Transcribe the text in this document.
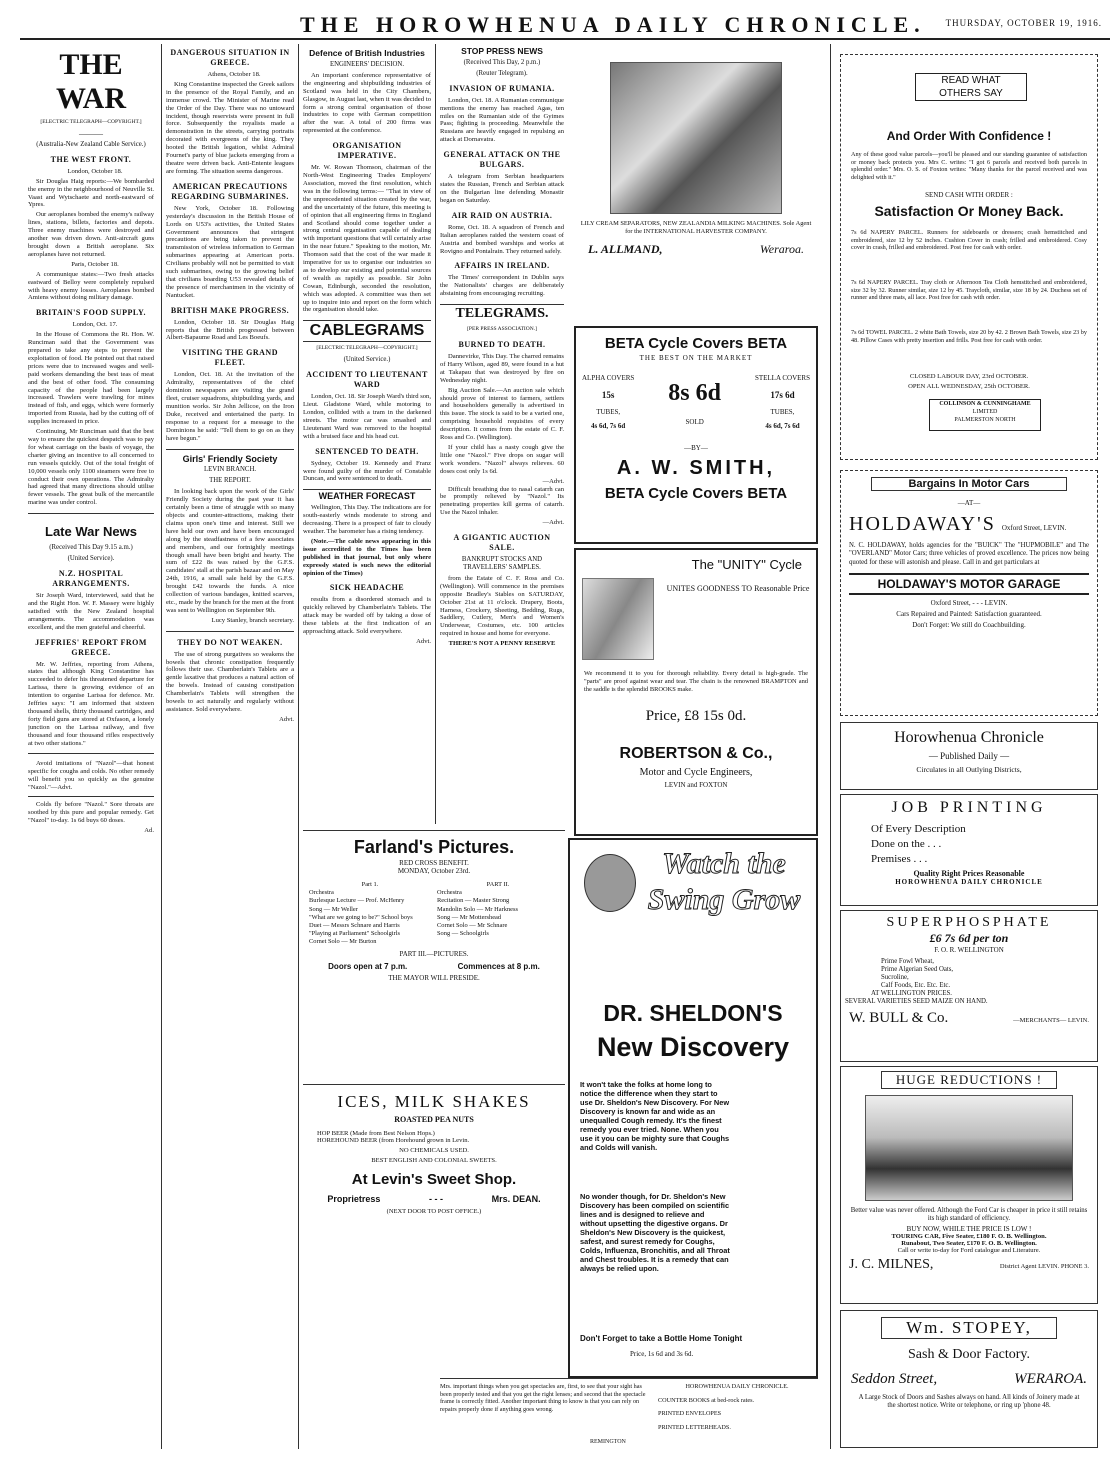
THE HOROWHENUA DAILY CHRONICLE. THURSDAY, OCTOBER 19, 1916.
THE WAR
[ELECTRIC TELEGRAPH—COPYRIGHT.]
———
(Australia-New Zealand Cable Service.)
THE WEST FRONT.

London, October 18.

Sir Douglas Haig reports:—We bombarded the enemy in the neighbourhood of Neuville St. Vaast and Wytschaete and north-eastward of Ypres.

Our aeroplanes bombed the enemy's railway lines, stations, billets, factories and depots. Three enemy machines were destroyed and another was driven down. Anti-aircraft guns brought down a British aeroplane. Six aeroplanes have not returned.

Paris, October 18.

A communique states:—Two fresh attacks eastward of Belloy were completely repulsed with heavy enemy losses. Aeroplanes bombed Amiens without doing military damage.

BRITAIN'S FOOD SUPPLY.

London, Oct. 17.

In the House of Commons the Rt. Hon. W. Runciman said that the Government was prepared to take any steps to prevent the exploitation of food. He pointed out that raised prices were due to increased wages and well-paid workers demanding the best teas of meat and the best of other food. The consuming capacity of the people had been largely increased. Trawlers were trawling for mines instead of fish, and eggs, which were formerly imported from Russia, had by the cutting off of supplies increased in price.

Continuing, Mr Runciman said that the best way to ensure the quickest despatch was to pay for wheat carriage on the basis of voyage, the charter giving an incentive to all concerned to run vessels quickly. Out of the total freight of 10,000 vessels only 1100 steamers were free to conduct their own operations. The Admiralty had agreed that many directions should utilise fewer vessels. The great bulk of the mercantile marine was under control.

Late War News
(Received This Day 9.15 a.m.)
(United Service).
N.Z. HOSPITAL ARRANGEMENTS.

Sir Joseph Ward, interviewed, said that he and the Right Hon. W. F. Massey were highly satisfied with the New Zealand hospital arrangements. The accommodation was excellent, and the men grateful and cheerful.

JEFFRIES' REPORT FROM GREECE.

Mr. W. Jeffries, reporting from Athens, states that although King Constantine has succeeded to defer his threatened departure for Larissa, there is growing evidence of an intention to organise Larissa for defence. Mr. Jeffries says: "I am informed that sixteen thousand shells, thirty thousand cartridges, and forty field guns are stored at Oxfason, a lonely junction on the Larissa railway, and five thousand and four thousand rifles respectively at two other stations."

Avoid imitations of "Nazol"—that honest specific for coughs and colds. No other remedy will benefit you so quickly as the genuine "Nazol."—Advt.

Colds fly before "Nazol." Sore throats are soothed by this pure and popular remedy. Get "Nazol" to-day. 1s 6d buys 60 doses.

Ad.
DANGEROUS SITUATION IN GREECE.

Athens, October 18.

King Constantine inspected the Greek sailors in the presence of the Royal Family, and an immense crowd. The Minister of Marine read the Order of the Day. There was no untoward incident, though reservists were present in full force. Subsequently the royalists made a demonstration in the streets, carrying portraits decorated with evergreens of the king. They hooted the British legation, whilst Admiral Fournet's party of blue jackets emerging from a theatre were driven back. Anti-Entente leagues are forming. The situation seems dangerous.

AMERICAN PRECAUTIONS REGARDING SUBMARINES.

New York, October 18. Following yesterday's discussion in the British House of Lords on U53's activities, the United States Government announces that stringent precautions are being taken to prevent the transmission of wireless information to German submarines appearing at American ports. Civilians probably will not be permitted to visit such submarines, owing to the growing belief that civilians boarding U53 revealed details of the presence of merchantmen in the vicinity of Nantucket.

BRITISH MAKE PROGRESS.

London, October 18. Sir Douglas Haig reports that the British progressed between Albert-Bapaume Road and Les Boeufs.

VISITING THE GRAND FLEET.

London, Oct. 18. At the invitation of the Admiralty, representatives of the chief dominion newspapers are visiting the grand fleet, cruiser squadrons, shipbuilding yards, and munition works. Sir John Jellicoe, on the Iron Duke, received and entertained the party. In response to a request for a message to the Dominions he said: "Tell them to go on as they have begun."

Girls' Friendly Society
LEVIN BRANCH.
THE REPORT.

In looking back upon the work of the Girls' Friendly Society during the past year it has certainly been a time of struggle with so many objects and counter-attractions, making their claims upon one's time and interest. Still we have held our own and have been encouraged along by the steadfastness of a few associates and members, and our fortnightly meetings though small have been bright and hearty. The sum of £22 8s was raised by the G.F.S. candidates' stall at the parish bazaar and on May 24th, 1916, a small sale held by the G.F.S. brought £42 towards the funds. A nice collection of various bandages, knitted scarves, etc., made by the branch for the men at the front was sent to Wellington on September 9th.

Lucy Stanley, branch secretary.

THEY DO NOT WEAKEN.

The use of strong purgatives so weakens the bowels that chronic constipation frequently follows their use. Chamberlain's Tablets are a gentle laxative that produces a natural action of the bowels. Instead of causing constipation Chamberlain's Tablets will strengthen the bowels to act naturally and regularly without assistance. Sold everywhere.

Advt.
Defence of British Industries
ENGINEERS' DECISION.

An important conference representative of the engineering and shipbuilding industries of Scotland was held in the City Chambers, Glasgow, in August last, when it was decided to form a strong central organisation of those industries to cope with German competition after the war. A total of 200 firms was represented at the conference.

ORGANISATION IMPERATIVE.

Mr. W. Rowan Thomson, chairman of the North-West Engineering Trades Employers' Association, moved the first resolution, which was in the following terms:— "That in view of the unprecedented situation created by the war, and the uncertainty of the future, this meeting is of opinion that all engineering firms in England and Scotland should come together under a strong central organisation capable of dealing with important questions that will certainly arise in the near future." Speaking to the motion, Mr. Thomson said that the cost of the war made it imperative for us to organise our industries so as to develop our existing and potential sources of wealth as rapidly as possible. Sir John Cowan, Edinburgh, seconded the resolution, which was adopted. A committee was then set up to inquire into and report on the form which the organisation should take.

CABLEGRAMS
[ELECTRIC TELEGRAPH—COPYRIGHT.]
(United Service.)
ACCIDENT TO LIEUTENANT WARD

London, Oct. 18. Sir Joseph Ward's third son, Lieut. Gladstone Ward, while motoring to London, collided with a tram in the darkened streets. The motor car was smashed and Lieutenant Ward was removed to the hospital with a bruised face and his head cut.

SENTENCED TO DEATH.

Sydney, October 19. Kennedy and Franz were found guilty of the murder of Constable Duncan, and were sentenced to death.

WEATHER FORECAST

Wellington, This Day. The indications are for south-easterly winds moderate to strong and decreasing. There is a prospect of fair to cloudy weather. The barometer has a rising tendency.

(Note.—The cable news appearing in this issue accredited to the Times has been published in that journal, but only where expressly stated is such news the editorial opinion of the Times)

SICK HEADACHE

results from a disordered stomach and is quickly relieved by Chamberlain's Tablets. The attack may be warded off by taking a dose of these tablets at the first indication of an approaching attack. Sold everywhere.

Advt.
STOP PRESS NEWS
(Received This Day, 2 p.m.)
(Reuter Telegram).
INVASION OF RUMANIA.

London, Oct. 18. A Rumanian communique mentions the enemy has reached Agas, ten miles on the Rumanian side of the Gyimes Pass; fighting is proceeding. Meanwhile the Russians are heavily engaged in repulsing an attack at Dornavatra.

GENERAL ATTACK ON THE BULGARS.

A telegram from Serbian headquarters states the Russian, French and Serbian attack on the Bulgarian line defending Monastir began on Saturday.

AIR RAID ON AUSTRIA.

Rome, Oct. 18. A squadron of French and Italian aeroplanes raided the western coast of Austria and bombed warships and works at Rovigno and Pontalrain. They returned safely.

AFFAIRS IN IRELAND.

The Times' correspondent in Dublin says the Nationalists' charges are deliberately abstaining from encouraging recruiting.

TELEGRAMS.
[PER PRESS ASSOCIATION.]
BURNED TO DEATH.

Dannevirke, This Day. The charred remains of Harry Wilson, aged 89, were found in a hut at Takapau that was destroyed by fire on Wednesday night.

Big Auction Sale.—An auction sale which should prove of interest to farmers, settlers and householders generally is advertised in this issue. The stock is said to be a varied one, comprising household requisites of every description. It comes from the estate of C. F. Ross and Co. (Wellington).

If your child has a nasty cough give the little one "Nazol." Five drops on sugar will work wonders. "Nazol" always relieves. 60 doses cost only 1s 6d.

—Advt.

Difficult breathing due to nasal catarrh can be promptly relieved by "Nazol." Its penetrating properties kill germs of catarrh. Use the Nazol inhaler.

—Advt.
A GIGANTIC AUCTION SALE.
BANKRUPT STOCKS AND TRAVELLERS' SAMPLES.

from the Estate of C. F. Ross and Co. (Wellington). Will commence in the premises opposite Bradley's Stables on SATURDAY, October 21st at 11 o'clock. Drapery, Boots, Harness, Crockery, Sheeting, Bedding, Rugs, Saddlery, Cutlery, Men's and Women's Underwear, Costumes, etc. 100 articles required in house and home for everyone.

THERE'S NOT A PENNY RESERVE
Farland's Pictures.
RED CROSS BENEFIT.
MONDAY, October 23rd.
Part 1.
Orchestra
Burlesque Lecture — Prof. McHenry
Song — Mr Weller
"What are we going to be?" School boys
Duet — Messrs Schnare and Harris
"Playing at Parliament" Schoolgirls
Cornet Solo — Mr Burton
PART II.
Orchestra
Recitation — Master Strong
Mandolin Solo — Mr Harkness
Song — Mr Mottershead
Cornet Solo — Mr Schnare
Song — Schoolgirls
PART III.—PICTURES.
Doors open at 7 p.m.	Commences at 8 p.m.
THE MAYOR WILL PRESIDE.
ICES, MILK SHAKES
ROASTED PEA NUTS
HOP BEER (Made from Best Nelson Hops.)
HOREHOUND BEER (from Horehound grown in Levin.
NO CHEMICALS USED.
BEST ENGLISH AND COLONIAL SWEETS.
At Levin's Sweet Shop.
Proprietress	- - -	Mrs. DEAN.
(NEXT DOOR TO POST OFFICE.)
LILY CREAM SEPARATORS, NEW ZEALANDIA MILKING MACHINES. Sole Agent for the INTERNATIONAL HARVESTER COMPANY.
L. ALLMAND,	Weraroa.
BETA Cycle Covers BETA
THE BEST ON THE MARKET
ALPHA COVERS
15s
TUBES,
4s 6d, 7s 6d
8s 6d
SOLD
STELLA COVERS
17s 6d
TUBES,
4s 6d, 7s 6d
—BY—
A. W. SMITH,
BETA Cycle Covers BETA
The "UNITY" Cycle
UNITES GOODNESS TO Reasonable Price
We recommend it to you for thorough reliability. Every detail is high-grade. The "parts" are proof against wear and tear. The chain is the renowned BRAMPTON and the saddle is the splendid BROOKS make.
Price, £8 15s 0d.
ROBERTSON & Co.,
Motor and Cycle Engineers,
LEVIN and FOXTON
Watch the Swing Grow
DR. SHELDON'S
New Discovery
It won't take the folks at home long to notice the difference when they start to use Dr. Sheldon's New Discovery. For New Discovery is known far and wide as an unequalled Cough remedy. It's the finest remedy you ever tried. None. When you use it you can be mighty sure that Coughs and Colds will vanish.
No wonder though, for Dr. Sheldon's New Discovery has been compiled on scientific lines and is designed to relieve and without upsetting the digestive organs. Dr Sheldon's New Discovery is the quickest, safest, and surest remedy for Coughs, Colds, Influenza, Bronchitis, and all Throat and Chest troubles. It is a remedy that can always be relied upon.
Don't Forget to take a Bottle Home Tonight
Price, 1s 6d and 3s 6d.
Mrs. important things when you get spectacles are, first, to see that your sight has been properly tested and that you get the right lenses; and second that the spectacle frame is correctly fitted. Another important thing to know is that you can rely on repairs properly done if anything goes wrong.
REMINGTON
HOROWHENUA DAILY CHRONICLE.
COUNTER BOOKS at bed-rock rates.
PRINTED ENVELOPES
PRINTED LETTERHEADS.
READ WHAT
OTHERS SAY
And Order With Confidence !
Any of these good value parcels—you'll be pleased and our standing guarantee of satisfaction or money back protects you. Mrs C. writes: "I got 6 parcels and received both parcels in splendid order." Mrs. O. S. of Foxton writes: "Many thanks for the parcel received and was delighted with it."
SEND CASH WITH ORDER :
Satisfaction Or Money Back.
7s 6d NAPERY PARCEL. Runners for sideboards or dressers; crash hemstitched and embroidered, size 12 by 52 inches. Cushion Cover in crash; frilled and embroidered. Cosy cover in crash, frilled and embroidered. Post free for cash with order.
7s 6d NAPERY PARCEL. Tray cloth or Afternoon Tea Cloth hemstitched and embroidered, size 32 by 32. Runner similar, size 12 by 45. Traycloth, similar, size 18 by 24. Duchess set of runner and three mats, all lace. Post free for cash with order.
7s 6d TOWEL PARCEL. 2 white Bath Towels, size 20 by 42. 2 Brown Bath Towels, size 23 by 48. Pillow Cases with pretty insertion and frills. Post free for cash with order.
CLOSED LABOUR DAY, 23rd OCTOBER.
OPEN ALL WEDNESDAY, 25th OCTOBER.
COLLINSON & CUNNINGHAME
LIMITED
PALMERSTON NORTH
Bargains In Motor Cars
—AT—
HOLDAWAY'S Oxford Street, LEVIN.
N. C. HOLDAWAY, holds agencies for the "BUICK" The "HUPMOBILE" and The "OVERLAND" Motor Cars; three vehicles of proved excellence. The prices now being quoted for these will astonish and please. Call in and get particulars at
HOLDAWAY'S MOTOR GARAGE
Oxford Street, - - - LEVIN.
Cars Repaired and Painted: Satisfaction guaranteed.
Don't Forget: We still do Coachbuilding.
Horowhenua Chronicle
— Published Daily —
Circulates in all Outlying Districts,
JOB PRINTING
Of Every Description
Done on the . . .
Premises . . .
Quality Right Prices Reasonable
HOROWHENUA DAILY CHRONICLE
SUPERPHOSPHATE
£6 7s 6d per ton
F. O. R. WELLINGTON
Prime Fowl Wheat,
Prime Algerian Seed Oats,
Sucroline,
Calf Foods, Etc. Etc. Etc.
AT WELLINGTON PRICES.
SEVERAL VARIETIES SEED MAIZE ON HAND.
W. BULL & Co.	—MERCHANTS— LEVIN.
HUGE REDUCTIONS !
Better value was never offered. Although the Ford Car is cheaper in price it still retains its high standard of efficiency.
BUY NOW, WHILE THE PRICE IS LOW !
TOURING CAR, Five Seater, £180 F. O. B. Wellington.
Runabout, Two Seater, £170 F. O. B. Wellington.
Call or write to-day for Ford catalogue and Literature.
J. C. MILNES,	District Agent LEVIN. PHONE 3.
Wm. STOPEY,
Sash & Door Factory.
Seddon Street,	WERAROA.
A Large Stock of Doors and Sashes always on hand. All kinds of Joinery made at the shortest notice. Write or telephone, or ring up 'phone 48.
